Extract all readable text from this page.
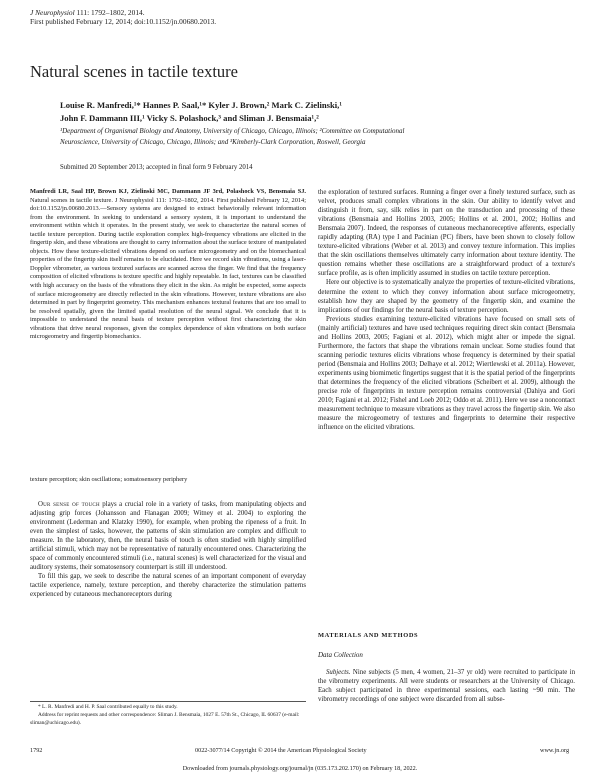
J Neurophysiol 111: 1792–1802, 2014.
First published February 12, 2014; doi:10.1152/jn.00680.2013.
Natural scenes in tactile texture
Louise R. Manfredi,¹* Hannes P. Saal,¹* Kyler J. Brown,² Mark C. Zielinski,¹
John F. Dammann III,¹ Vicky S. Polashock,³ and Sliman J. Bensmaia¹,²
¹Department of Organismal Biology and Anatomy, University of Chicago, Chicago, Illinois; ²Committee on Computational
Neuroscience, University of Chicago, Chicago, Illinois; and ³Kimberly-Clark Corporation, Roswell, Georgia
Submitted 20 September 2013; accepted in final form 9 February 2014

Manfredi LR, Saal HP, Brown KJ, Zielinski MC, Dammann JF 3rd, Polashock VS, Bensmaia SJ. Natural scenes in tactile texture. J Neurophysiol 111: 1792–1802, 2014. First published February 12, 2014; doi:10.1152/jn.00680.2013.—Sensory systems are designed to extract behaviorally relevant information from the environment. In seeking to understand a sensory system, it is important to understand the environment within which it operates. In the present study, we seek to characterize the natural scenes of tactile texture perception. During tactile exploration complex high-frequency vibrations are elicited in the fingertip skin, and these vibrations are thought to carry information about the surface texture of manipulated objects. How these texture-elicited vibrations depend on surface microgeometry and on the biomechanical properties of the fingertip skin itself remains to be elucidated. Here we record skin vibrations, using a laser-Doppler vibrometer, as various textured surfaces are scanned across the finger. We find that the frequency composition of elicited vibrations is texture specific and highly repeatable. In fact, textures can be classified with high accuracy on the basis of the vibrations they elicit in the skin. As might be expected, some aspects of surface microgeometry are directly reflected in the skin vibrations. However, texture vibrations are also determined in part by fingerprint geometry. This mechanism enhances textural features that are too small to be resolved spatially, given the limited spatial resolution of the neural signal. We conclude that it is impossible to understand the neural basis of texture perception without first characterizing the skin vibrations that drive neural responses, given the complex dependence of skin vibrations on both surface microgeometry and fingertip biomechanics.

texture perception; skin oscillations; somatosensory periphery

Our sense of touch plays a crucial role in a variety of tasks, from manipulating objects and adjusting grip forces (Johansson and Flanagan 2009; Witney et al. 2004) to exploring the environment (Lederman and Klatzky 1990), for example, when probing the ripeness of a fruit. In even the simplest of tasks, however, the patterns of skin stimulation are complex and difficult to measure. In the laboratory, then, the neural basis of touch is often studied with highly simplified artificial stimuli, which may not be representative of naturally encountered ones. Characterizing the space of commonly encountered stimuli (i.e., natural scenes) is well characterized for the visual and auditory systems, their somatosensory counterpart is still ill understood.

To fill this gap, we seek to describe the natural scenes of an important component of everyday tactile experience, namely, texture perception, and thereby characterize the stimulation patterns experienced by cutaneous mechanoreceptors during

* L. R. Manfredi and H. P. Saal contributed equally to this study.
Address for reprint requests and other correspondence: Sliman J. Bensmaia, 1027 E. 57th St., Chicago, IL 60637 (e-mail: sliman@uchicago.edu).

the exploration of textured surfaces. Running a finger over a finely textured surface, such as velvet, produces small complex vibrations in the skin. Our ability to identify velvet and distinguish it from, say, silk relies in part on the transduction and processing of these vibrations (Bensmaia and Hollins 2003, 2005; Hollins et al. 2001, 2002; Hollins and Bensmaia 2007). Indeed, the responses of cutaneous mechanoreceptive afferents, especially rapidly adapting (RA) type I and Pacinian (PC) fibers, have been shown to closely follow texture-elicited vibrations (Weber et al. 2013) and convey texture information. This implies that the skin oscillations themselves ultimately carry information about texture identity. The question remains whether these oscillations are a straightforward product of a texture's surface profile, as is often implicitly assumed in studies on tactile texture perception.

Here our objective is to systematically analyze the properties of texture-elicited vibrations, determine the extent to which they convey information about surface microgeometry, establish how they are shaped by the geometry of the fingertip skin, and examine the implications of our findings for the neural basis of texture perception.

Previous studies examining texture-elicited vibrations have focused on small sets of (mainly artificial) textures and have used techniques requiring direct skin contact (Bensmaia and Hollins 2003, 2005; Fagiani et al. 2012), which might alter or impede the signal. Furthermore, the factors that shape the vibrations remain unclear. Some studies found that scanning periodic textures elicits vibrations whose frequency is determined by their spatial period (Bensmaia and Hollins 2003; Delhaye et al. 2012; Wiertlewski et al. 2011a). However, experiments using biomimetic fingertips suggest that it is the spatial period of the fingerprints that determines the frequency of the elicited vibrations (Scheibert et al. 2009), although the precise role of fingerprints in texture perception remains controversial (Dahiya and Gori 2010; Fagiani et al. 2012; Fishel and Loeb 2012; Oddo et al. 2011). Here we use a noncontact measurement technique to measure vibrations as they travel across the fingertip skin. We also measure the microgeometry of textures and fingerprints to determine their respective influence on the elicited vibrations.

MATERIALS AND METHODS
Data Collection

Subjects. Nine subjects (5 men, 4 women, 21–37 yr old) were recruited to participate in the vibrometry experiments. All were students or researchers at the University of Chicago. Each subject participated in three experimental sessions, each lasting ~90 min. The vibrometry recordings of one subject were discarded from all subse-

1792	0022-3077/14 Copyright © 2014 the American Physiological Society	www.jn.org
Downloaded from journals.physiology.org/journal/jn (035.173.202.170) on February 18, 2022.
